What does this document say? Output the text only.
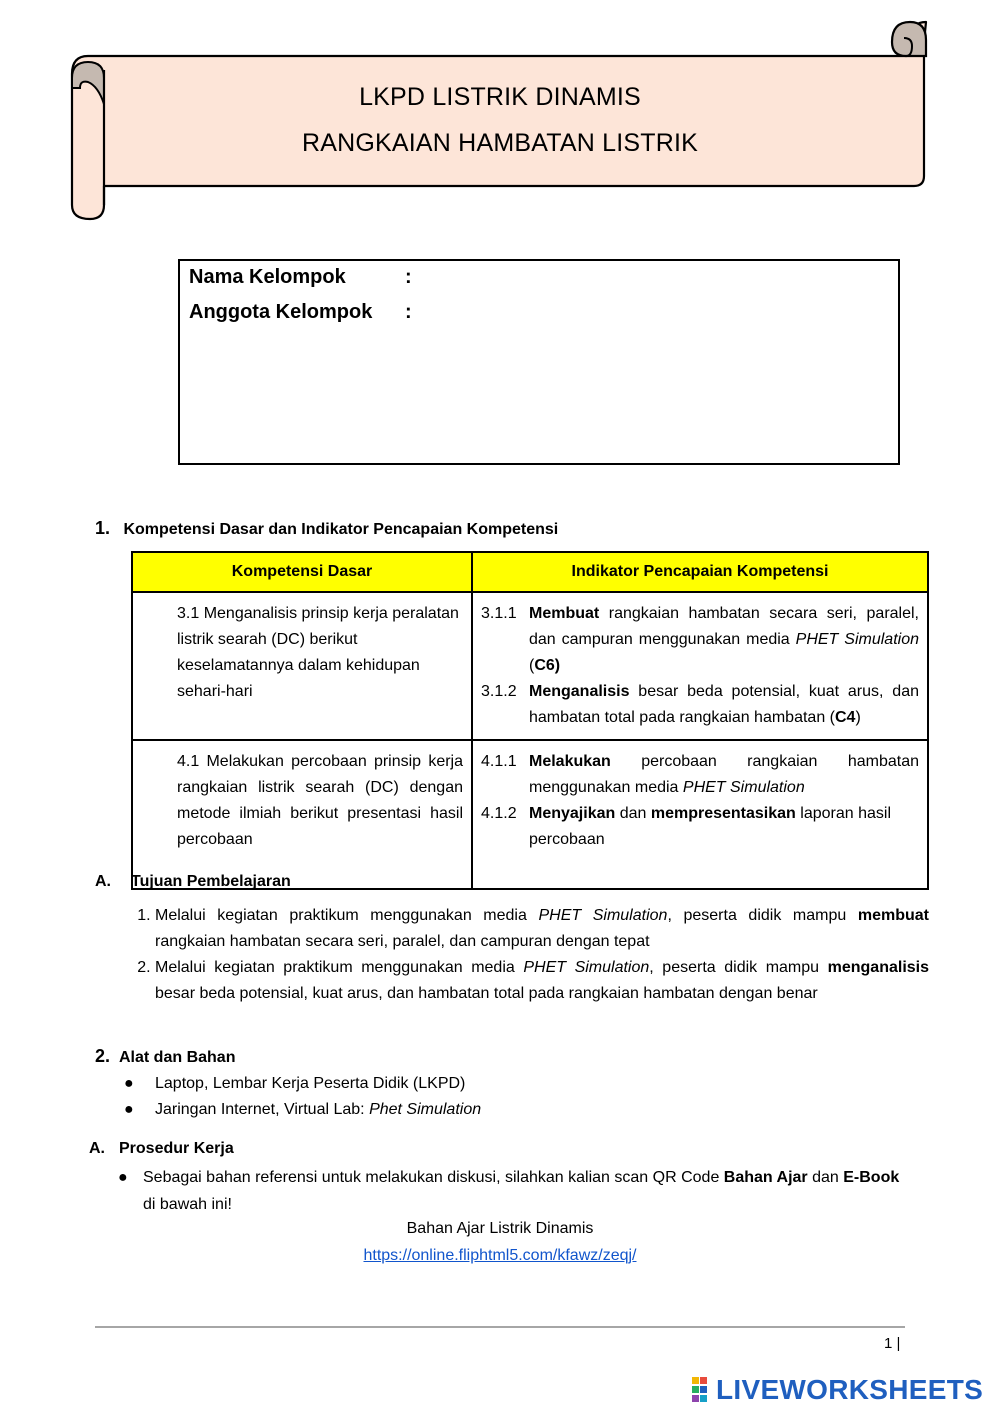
LKPD LISTRIK DINAMIS
RANGKAIAN HAMBATAN LISTRIK
Nama Kelompok	:
Anggota Kelompok :
1. Kompetensi Dasar dan Indikator Pencapaian Kompetensi
Kompetensi Dasar	Indikator Pencapaian Kompetensi
3.1 Menganalisis prinsip kerja peralatan listrik searah (DC) berikut keselamatannya dalam kehidupan sehari-hari	3.1.1 Membuat rangkaian hambatan secara seri, paralel, dan campuran menggunakan media PHET Simulation (C6)
3.1.2 Menganalisis besar beda potensial, kuat arus, dan hambatan total pada rangkaian hambatan (C4)

4.1 Melakukan percobaan prinsip kerja rangkaian listrik searah (DC) dengan metode ilmiah berikut presentasi hasil percobaan	4.1.1 Melakukan percobaan rangkaian hambatan menggunakan media PHET Simulation
4.1.2 Menyajikan dan mempresentasikan laporan hasil percobaan
A. Tujuan Pembelajaran
1. Melalui kegiatan praktikum menggunakan media PHET Simulation, peserta didik mampu membuat rangkaian hambatan secara seri, paralel, dan campuran dengan tepat
2. Melalui kegiatan praktikum menggunakan media PHET Simulation, peserta didik mampu menganalisis besar beda potensial, kuat arus, dan hambatan total pada rangkaian hambatan dengan benar
2. Alat dan Bahan
●	Laptop, Lembar Kerja Peserta Didik (LKPD)
●	Jaringan Internet, Virtual Lab: Phet Simulation
A. Prosedur Kerja
● Sebagai bahan referensi untuk melakukan diskusi, silahkan kalian scan QR Code Bahan Ajar dan E-Book di bawah ini!
Bahan Ajar Listrik Dinamis
https://online.fliphtml5.com/kfawz/zeqj/
1 |
LIVEWORKSHEETS
